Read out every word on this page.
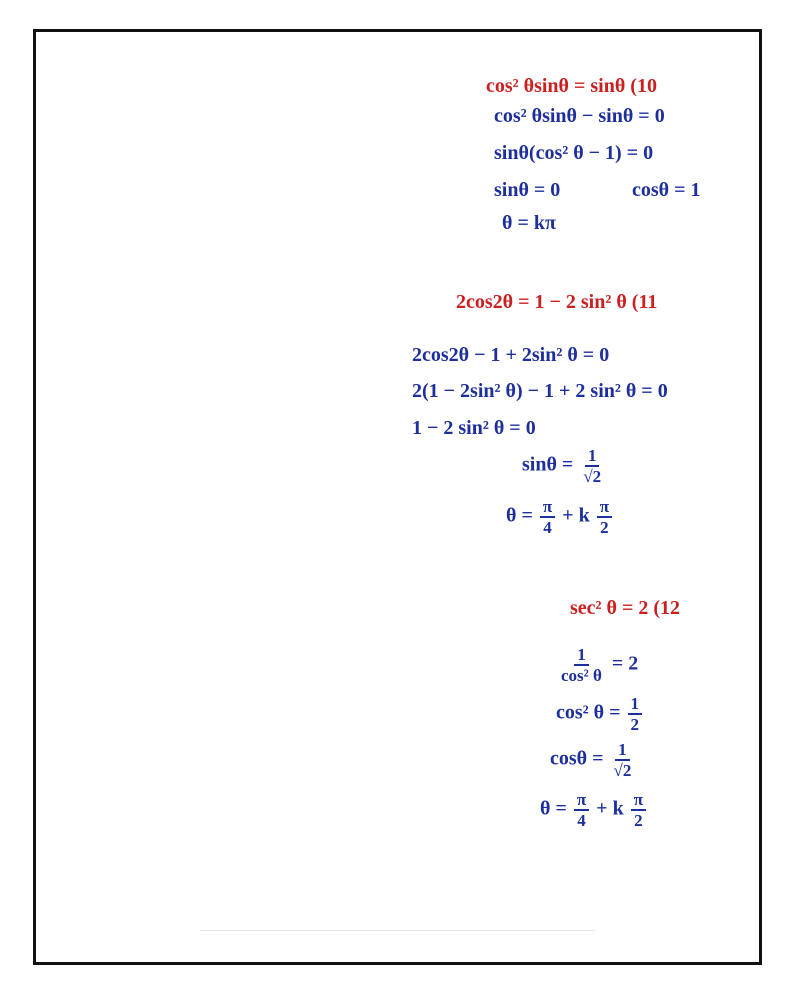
cos² θsinθ = sinθ (10
cos² θsinθ − sinθ = 0
sinθ(cos² θ − 1) = 0
sinθ = 0	cosθ = 1
θ = kπ
2cos2θ = 1 − 2 sin² θ (11
2cos2θ − 1 + 2sin² θ = 0
2(1 − 2sin² θ) − 1 + 2 sin² θ = 0
1 − 2 sin² θ = 0
$\sin\theta = \frac{1}{√2}$
$\theta = \frac{\pi}{4} + k \frac{\pi}{2}$
sec² θ = 2 (12
$\frac{1}{\text{cos² θ}} = 2$
cos² $\theta = \frac{1}{2}$
$\cos\theta = \frac{1}{√2}$
$\theta = \frac{\pi}{4} + k \frac{\pi}{2}$
